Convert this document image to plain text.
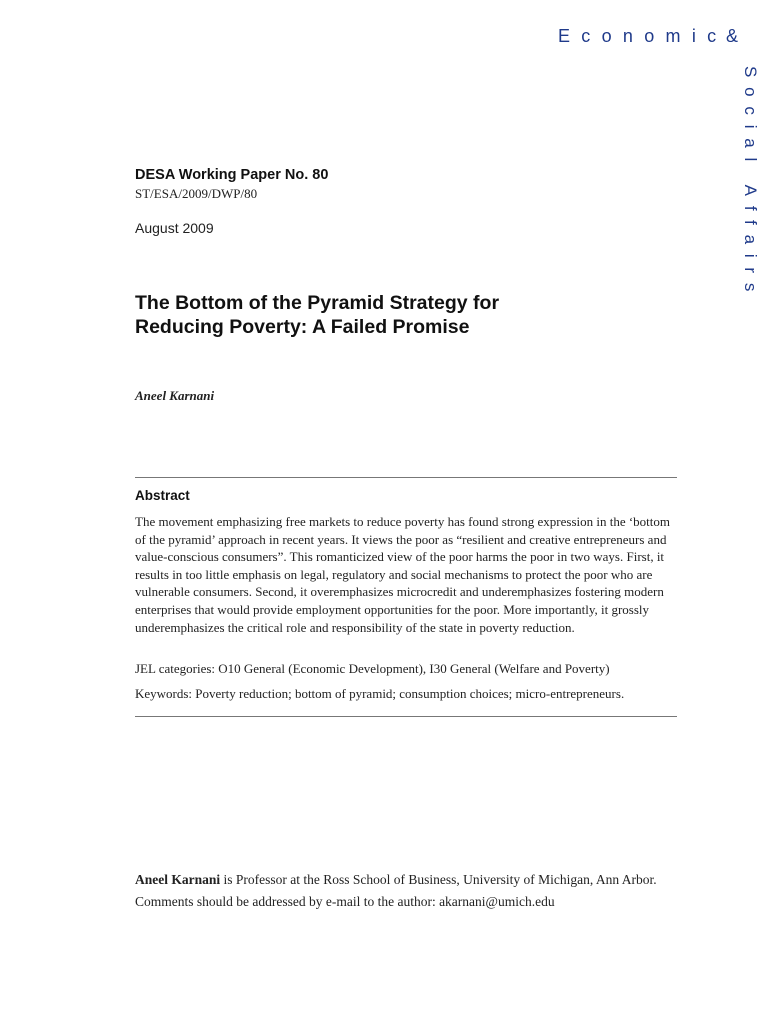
Economic
&
Social Affairs
DESA Working Paper No. 80
ST/ESA/2009/DWP/80
August 2009
The Bottom of the Pyramid Strategy for
Reducing Poverty: A Failed Promise
Aneel Karnani
Abstract
The movement emphasizing free markets to reduce poverty has found strong expression in the ‘bottom of the pyramid’ approach in recent years. It views the poor as “resilient and creative entrepreneurs and value-conscious consumers”. This romanticized view of the poor harms the poor in two ways. First, it results in too little emphasis on legal, regulatory and social mechanisms to protect the poor who are vulnerable consumers. Second, it overemphasizes microcredit and underemphasizes fostering modern enterprises that would provide employment opportunities for the poor. More importantly, it grossly underemphasizes the critical role and responsibility of the state in poverty reduction.
JEL categories: O10 General (Economic Development), I30 General (Welfare and Poverty)
Keywords: Poverty reduction; bottom of pyramid; consumption choices; micro-entrepreneurs.
Aneel Karnani is Professor at the Ross School of Business, University of Michigan, Ann Arbor.
Comments should be addressed by e-mail to the author: akarnani@umich.edu
